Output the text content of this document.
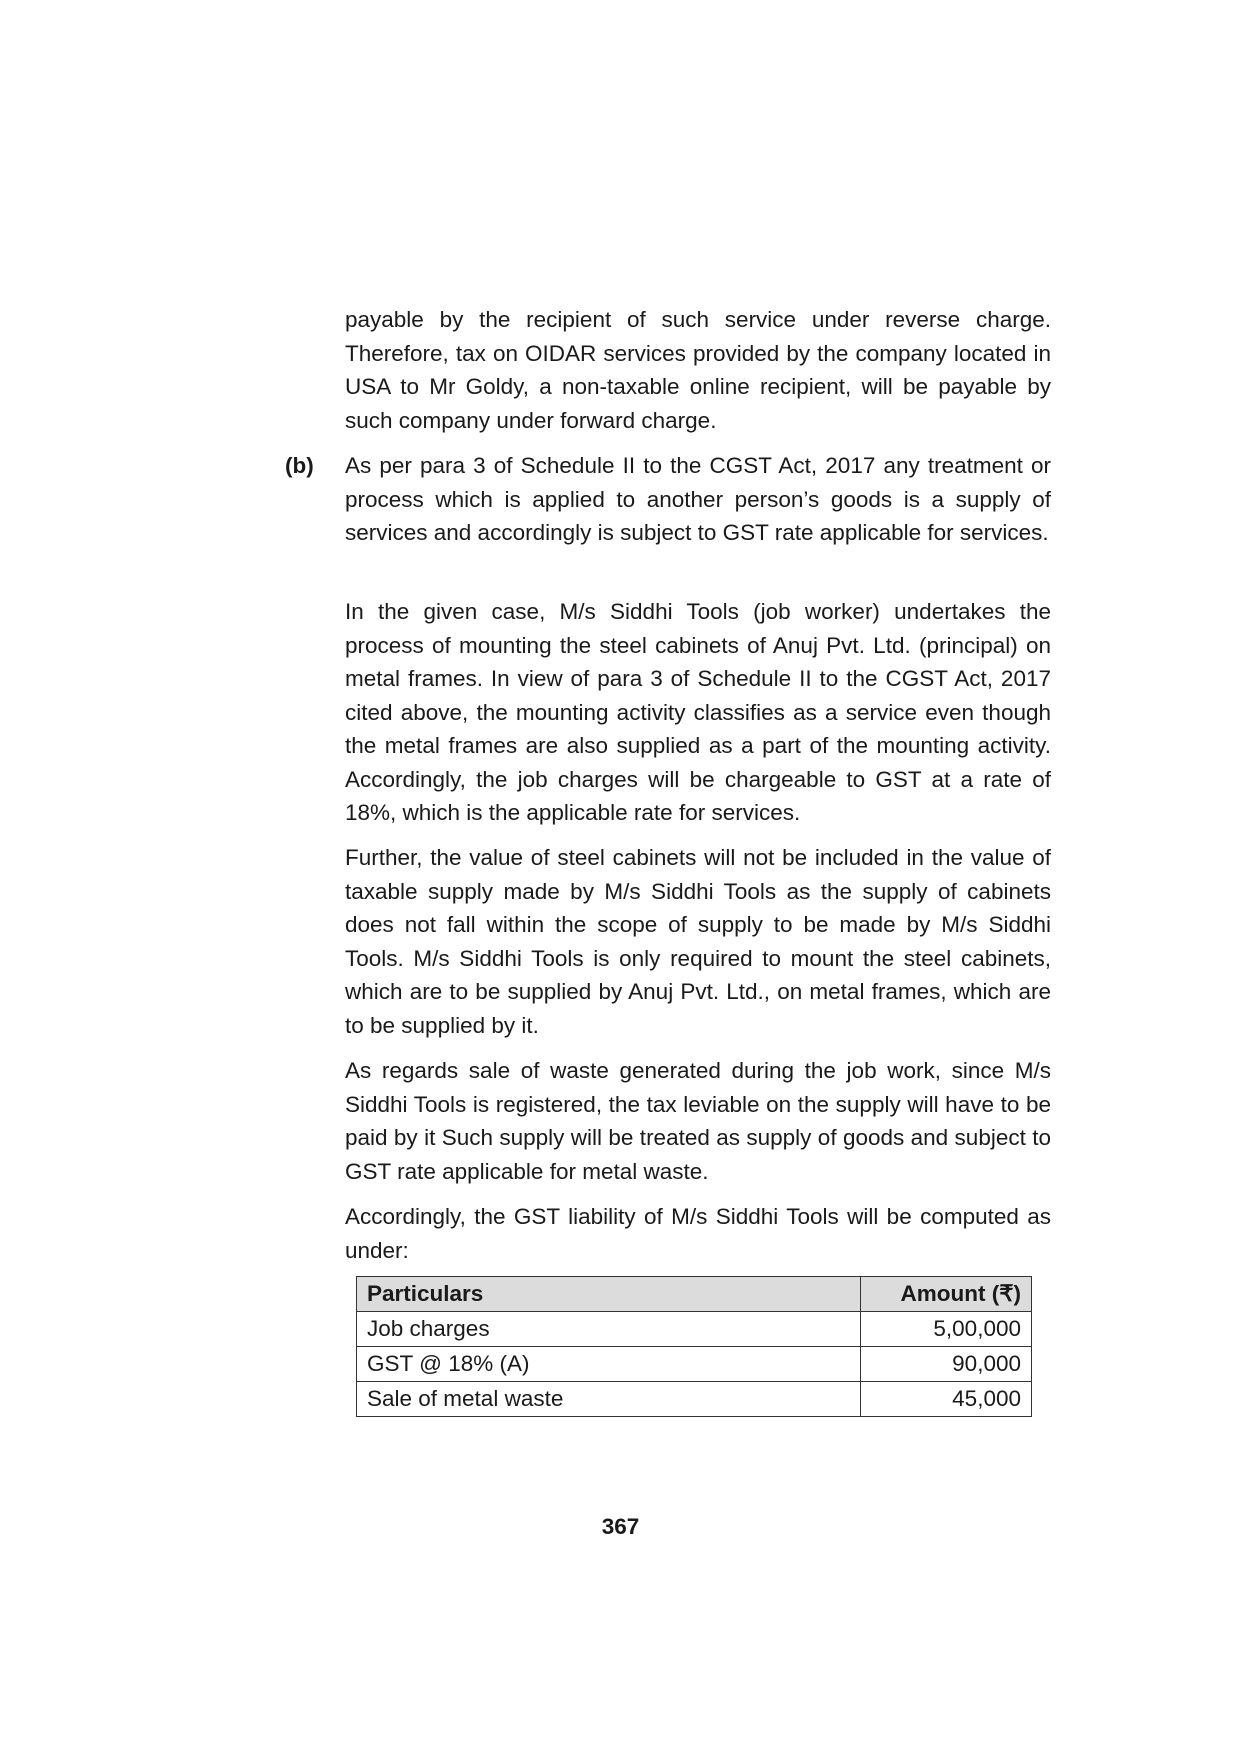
payable by the recipient of such service under reverse charge. Therefore, tax on OIDAR services provided by the company located in USA to Mr Goldy, a non-taxable online recipient, will be payable by such company under forward charge.

(b) As per para 3 of Schedule II to the CGST Act, 2017 any treatment or process which is applied to another person’s goods is a supply of services and accordingly is subject to GST rate applicable for services.

In the given case, M/s Siddhi Tools (job worker) undertakes the process of mounting the steel cabinets of Anuj Pvt. Ltd. (principal) on metal frames. In view of para 3 of Schedule II to the CGST Act, 2017 cited above, the mounting activity classifies as a service even though the metal frames are also supplied as a part of the mounting activity. Accordingly, the job charges will be chargeable to GST at a rate of 18%, which is the applicable rate for services.

Further, the value of steel cabinets will not be included in the value of taxable supply made by M/s Siddhi Tools as the supply of cabinets does not fall within the scope of supply to be made by M/s Siddhi Tools. M/s Siddhi Tools is only required to mount the steel cabinets, which are to be supplied by Anuj Pvt. Ltd., on metal frames, which are to be supplied by it.

As regards sale of waste generated during the job work, since M/s Siddhi Tools is registered, the tax leviable on the supply will have to be paid by it Such supply will be treated as supply of goods and subject to GST rate applicable for metal waste.

Accordingly, the GST liability of M/s Siddhi Tools will be computed as under:

Particulars	Amount (₹)
Job charges	5,00,000
GST @ 18% (A)	90,000
Sale of metal waste	45,000
367
